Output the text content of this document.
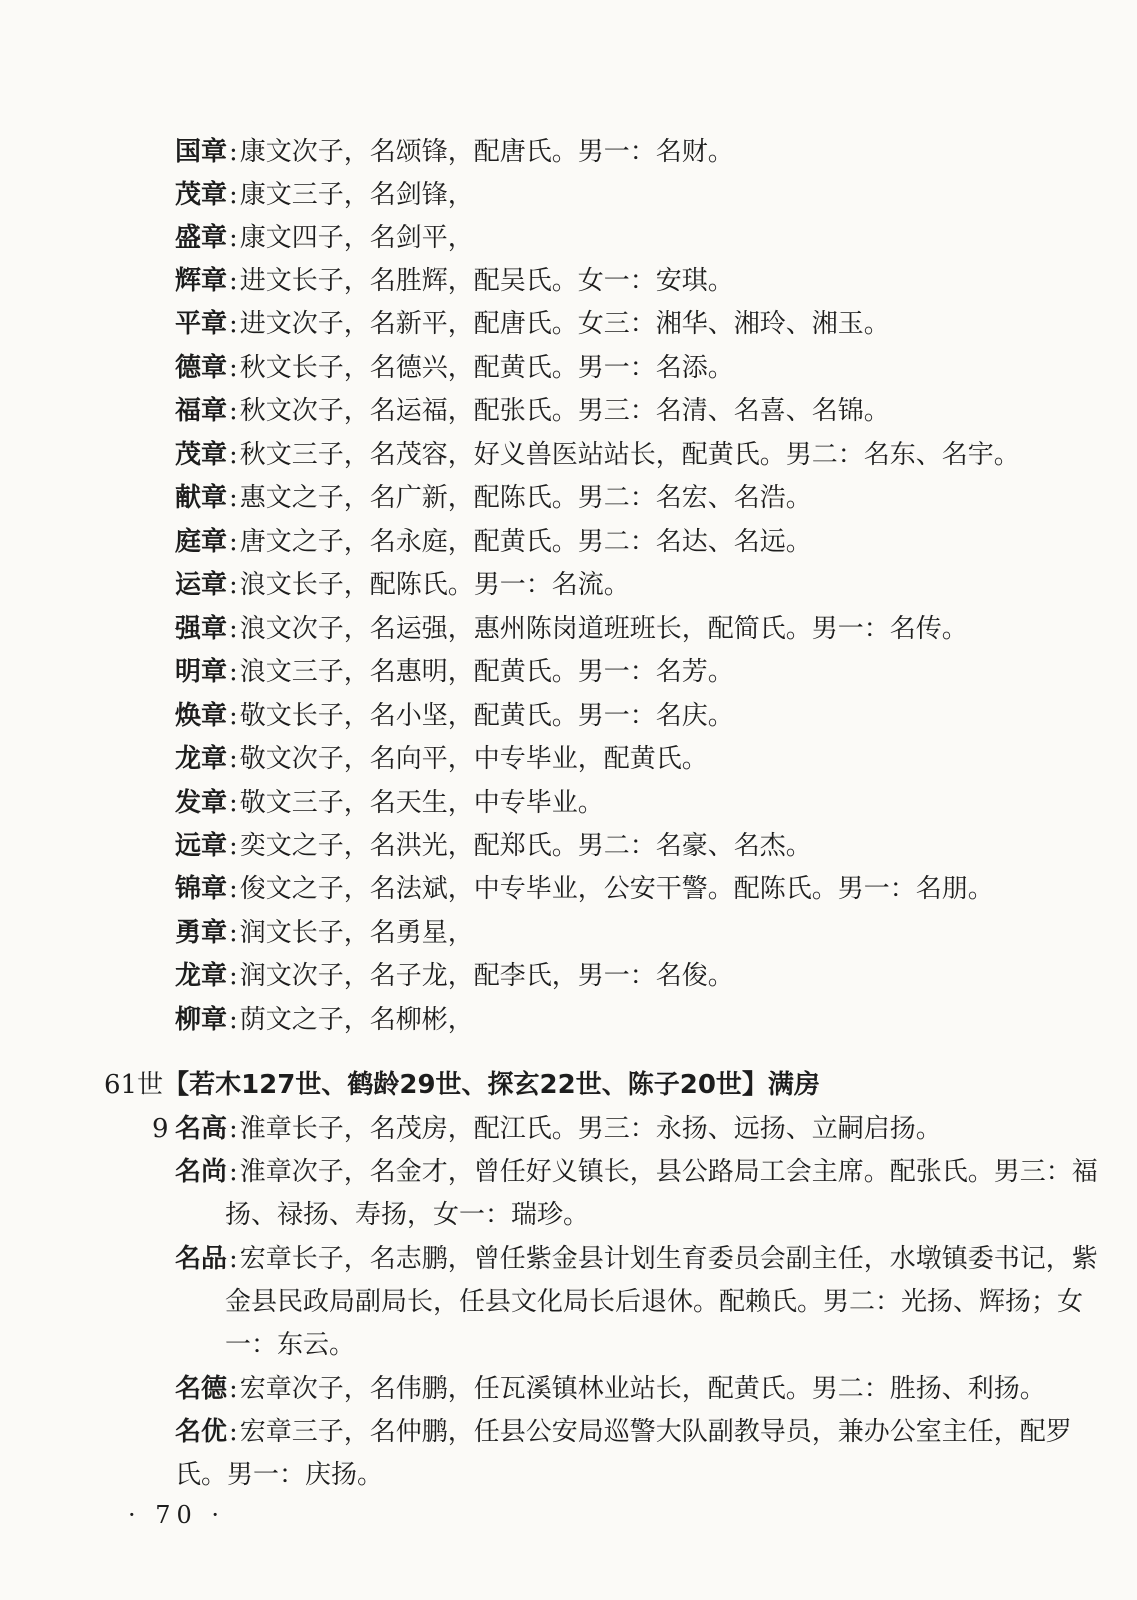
国章:康文次子，名颂锋，配唐氏。男一：名财。
茂章:康文三子，名剑锋，
盛章:康文四子，名剑平，
辉章:进文长子，名胜辉，配吴氏。女一：安琪。
平章:进文次子，名新平，配唐氏。女三：湘华、湘玲、湘玉。
德章:秋文长子，名德兴，配黄氏。男一：名添。
福章:秋文次子，名运福，配张氏。男三：名清、名喜、名锦。
茂章:秋文三子，名茂容，好义兽医站站长，配黄氏。男二：名东、名宇。
献章:惠文之子，名广新，配陈氏。男二：名宏、名浩。
庭章:唐文之子，名永庭，配黄氏。男二：名达、名远。
运章:浪文长子，配陈氏。男一：名流。
强章:浪文次子，名运强，惠州陈岗道班班长，配简氏。男一：名传。
明章:浪文三子，名惠明，配黄氏。男一：名芳。
焕章:敬文长子，名小坚，配黄氏。男一：名庆。
龙章:敬文次子，名向平，中专毕业，配黄氏。
发章:敬文三子，名天生，中专毕业。
远章:奕文之子，名洪光，配郑氏。男二：名豪、名杰。
锦章:俊文之子，名法斌，中专毕业，公安干警。配陈氏。男一：名朋。
勇章:润文长子，名勇星，
龙章:润文次子，名子龙，配李氏，男一：名俊。
柳章:荫文之子，名柳彬，
61世【若木127世、鹤龄29世、探玄22世、陈子20世】满房
9 名高:淮章长子，名茂房，配江氏。男三：永扬、远扬、立嗣启扬。
名尚:淮章次子，名金才，曾任好义镇长，县公路局工会主席。配张氏。男三：福
扬、禄扬、寿扬，女一：瑞珍。
名品:宏章长子，名志鹏，曾任紫金县计划生育委员会副主任，水墩镇委书记，紫
金县民政局副局长，任县文化局长后退休。配赖氏。男二：光扬、辉扬；女
一：东云。
名德:宏章次子，名伟鹏，任瓦溪镇林业站长，配黄氏。男二：胜扬、利扬。
名优:宏章三子，名仲鹏，任县公安局巡警大队副教导员，兼办公室主任，配罗
氏。男一：庆扬。
· 70 ·
